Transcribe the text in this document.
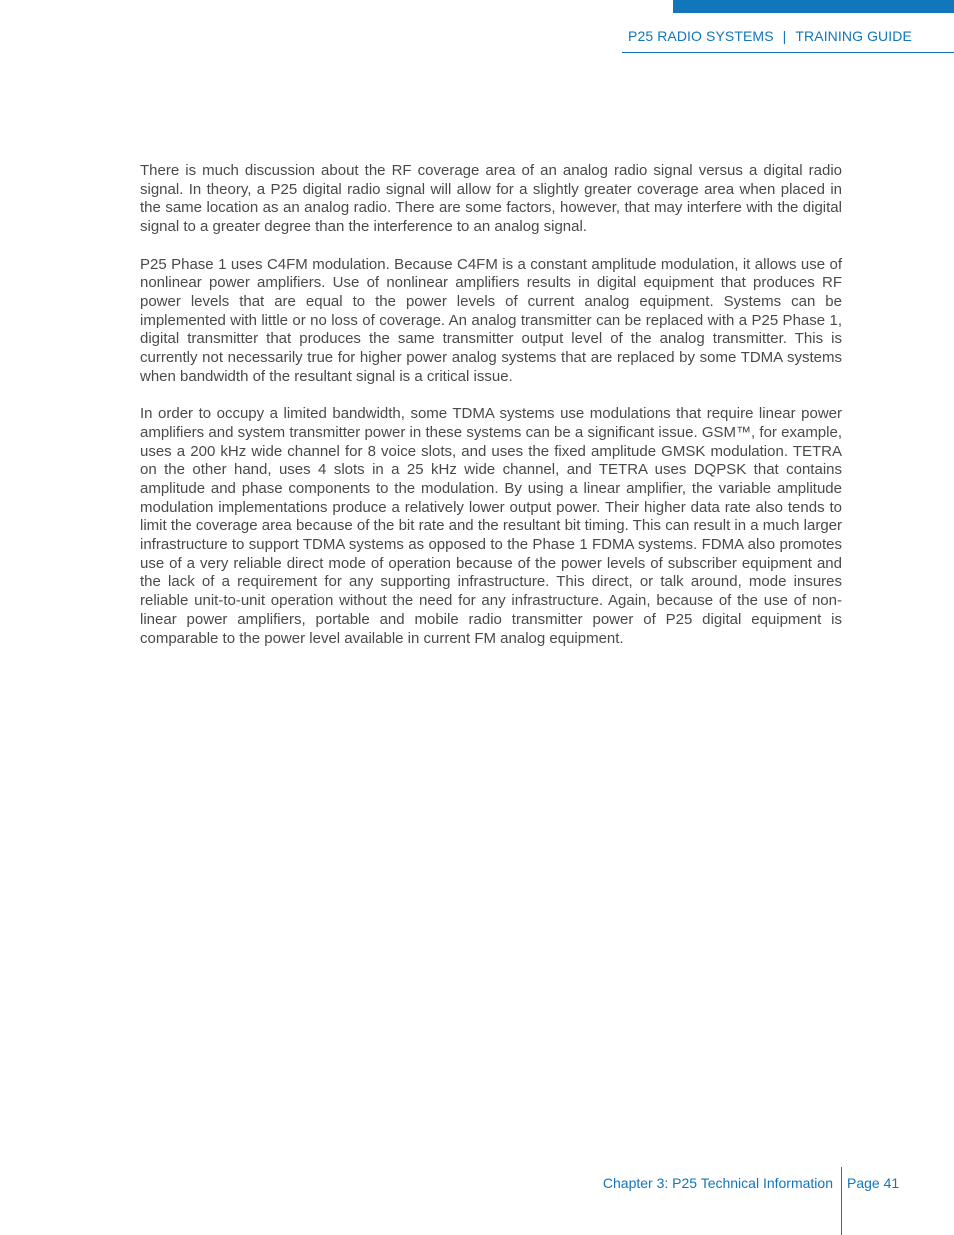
P25 RADIO SYSTEMS | TRAINING GUIDE

There is much discussion about the RF coverage area of an analog radio signal versus a digital radio signal. In theory, a P25 digital radio signal will allow for a slightly greater coverage area when placed in the same location as an analog radio. There are some factors, however, that may interfere with the digital signal to a greater degree than the interference to an analog signal.

P25 Phase 1 uses C4FM modulation. Because C4FM is a constant amplitude modulation, it allows use of nonlinear power amplifiers. Use of nonlinear amplifiers results in digital equipment that produces RF power levels that are equal to the power levels of current analog equipment. Systems can be implemented with little or no loss of coverage. An analog transmitter can be replaced with a P25 Phase 1, digital transmitter that produces the same transmitter output level of the analog transmitter. This is currently not necessarily true for higher power analog systems that are replaced by some TDMA systems when bandwidth of the resultant signal is a critical issue.

In order to occupy a limited bandwidth, some TDMA systems use modulations that require linear power amplifiers and system transmitter power in these systems can be a significant issue. GSM™, for example, uses a 200 kHz wide channel for 8 voice slots, and uses the fixed amplitude GMSK modulation. TETRA on the other hand, uses 4 slots in a 25 kHz wide channel, and TETRA uses DQPSK that contains amplitude and phase components to the modulation. By using a linear amplifier, the variable amplitude modulation implementations produce a relatively lower output power. Their higher data rate also tends to limit the coverage area because of the bit rate and the resultant bit timing. This can result in a much larger infrastructure to support TDMA systems as opposed to the Phase 1 FDMA systems. FDMA also promotes use of a very reliable direct mode of operation because of the power levels of subscriber equipment and the lack of a requirement for any supporting infrastructure. This direct, or talk around, mode insures reliable unit-to-unit operation without the need for any infrastructure. Again, because of the use of non-linear power amplifiers, portable and mobile radio transmitter power of P25 digital equipment is comparable to the power level available in current FM analog equipment.

Chapter 3: P25 Technical Information Page 41
